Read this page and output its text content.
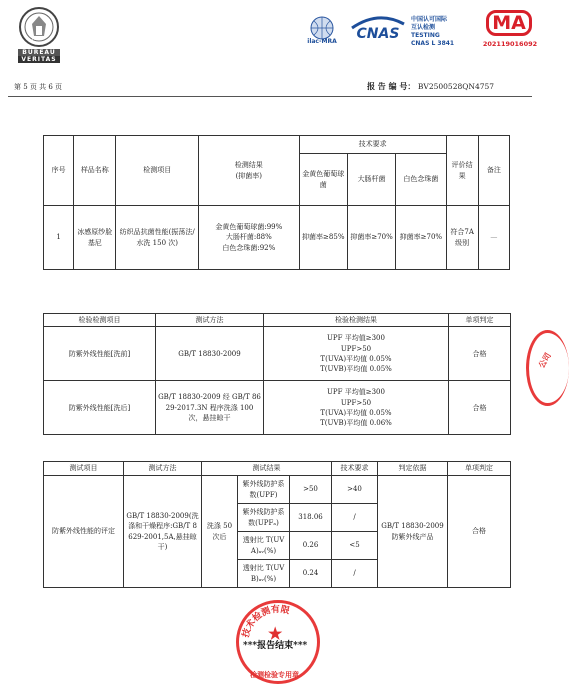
1828
BUREAU
VERITAS
ilac-MRA	CNAS
中国认可国际
互认检测
TESTING
CNAS L 3841
MA
202119016092
第 5 页 共 6 页	报 告 编 号： BV2500528QN4757
序号	样品名称	检测项目	检测结果
(抑菌率)	技术要求			评价结果	备注
				金黄色葡萄球菌	大肠杆菌	白色念珠菌		
1	冰感原纱脸基尼	纺织品抗菌性能(振荡法/水洗 150 次)	金黄色葡萄球菌:99%
大肠杆菌:88%
白色念珠菌:92%	抑菌率≥85%	抑菌率≥70%	抑菌率≥70%	符合7A级别	—
检验检测项目	测试方法	检验检测结果	单项判定
防紫外线性能[洗前]	GB/T 18830-2009	UPF 平均值≥300
UPF>50
T(UVA)平均值 0.05%
T(UVB)平均值 0.05%	合格
防紫外线性能[洗后]	GB/T 18830-2009 经 GB/T 8629-2017.3N 程序洗涤 100 次，悬挂晾干	UPF 平均值≥300
UPF>50
T(UVA)平均值 0.05%
T(UVB)平均值 0.06%	合格
测试项目	测试方法	测试结果			技术要求	判定依据	单项判定
防紫外线性能的评定	GB/T 18830-2009(洗涤和干燥程序:GB/T 8629-2001,5A,悬挂晾干)	洗涤 50 次后	紫外线防护系数(UPF)	>50	>40	GB/T 18830-2009 防紫外线产品	合格
			紫外线防护系数(UPFₐ)	318.06	/		
			透射比 T(UVA)ₐᵥ(%)	0.26	<5		
			透射比 T(UVB)ₐᵥ(%)	0.24	/		
技术检测有限
★
检测检验专用章
***报告结束***
公司
